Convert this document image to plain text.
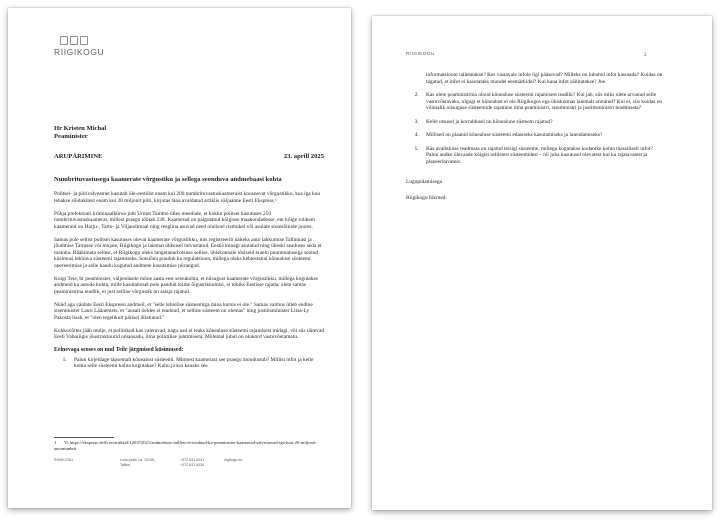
RIIGIKOGU
Hr Kristen Michal
Peaminister
ARUPÄRIMINE	23. aprill 2025
Numbrituvastusega kaamerate võrgustiku ja sellega seonduva andmebaasi kohta

Politsei- ja piirivalveamet kasutab üle-eestilist enam kui 200 numbrituvastuskaameraist koosnevat võrgustikku, kus iga kuu tehakse sõidukitest enam kui 20 miljonit pilti, kirjutas täna avaldatud artiklis väljaanne Eesti Ekspress.¹

Põhja prefektuuri kriminaalbüroo juht Urmet Tambre ütles meediale, et kokku politsei kasutuses 250 numbrituvastuskaamerat, millest praegu töötab 228. Kaamerad on paigutatud kõigisse maakondadesse, ent kõige rohkem kaameraid on Harju-, Tartu- ja Viljandimaal ning reeglina asuvad need olulistel ristmikel või asulate sissesõitude juures.

Samas pole sellist politsei kasutuses olevat kaamerate võrgustikku, mis registreerib näiteks auto lahkumise Tallinnast ja jõudmise Tartusse või mujale, Riigikogu ja laiemal üldsusel tutvustatud. Eestis kunagi arutatud ning üheski seaduses seda ei mainita. Rääkimata sellest, et Riigikogu oleks langetanud otsuse sellise, ühiskonnale tõsiseid eraelu puutumatusega seotud küsimusi tekitava süsteemi rajamiseks. Sotsiõnu puudub ka regulatsioon, millega oleks kehtestatud kõnealuse süsteemi opereerimise ja selle kaudu kogutud andmete kasutamise piirangud.

Kuigi Teie, hr peaminister, väljendasite mõne aasta eest seisukohta, et niisugust kaamerate võrgustikku, millega kogutakse andmeid ka autode kohta, mille kasutamisel pole pandud toime õigusrikkumisi, ei tohiks Eestisse rajada, olete samas peaministrina teadlik, et just selline võrgustik on salaja rajatud.

Nüüd aga väidate Eesti Ekspressi andmeil, et "selle tehnilise süsteemiga mina kursis ei ole." Samas vaimus ütleb endine siseminister Lauri Läänemets, et "ausalt öeldes ei teadnud, et selline süsteem on olemas" ning justiitsminister Liisa-Ly Pakosta lisab, et "olen tegelikult pärisel üllatunud."

Kokkuvõttes jääb mulje, et poliitikud kas valetavad, nagu nad ei teaks kõnealuse süsteemi rajamisest midagi, või siis täitevad Eesti Vabariigis jõustruktuurid omaosadu, ilma poliitilise juhtimiseta. Mõlemal juhul on olukord vastuvõetamatu.

Eelnevaga seoses on mul Teile järgmised küsimused:

1. Palun kirjeldage täpsemalt kõnealust süsteemi. Mitmest kaamerast see praegu moodustub? Millist infot ja kelle kohta selle süsteemi kohta kogutakse? Kuhu ja kui kauaks see
1 Vt https://ekspress.delfi.ee/artikkel/120372021/andmebaas-millest-ei-teadnud-ka-peaminister-kaamerad-salvestavad-iga-kuu-20-miljonit-automunbrit
RIIGIKOGU	Lossi plats 1a, 15165, Tallinn
+372 631 6331
+372 631 6334
riigikogu.ee
RIIGIKOGU	2

informatsiooni talletatakse? Kes vastavale infole ligi pääsevad? Milleks on lubatud infot kasutada? Kuidas on tagatud, et infot ei kasutataks mundel eesmärkidel? Kui kaua infot säilitatakse? Jne.

2. Kas olete peaministrina olnud kõnealuse süsteemi rajamisest teadlik? Kui jah, siis miks olete arvanud selle vastuvõetavaks, olgugi et kõnealust ei ole Riigikogus ega ühiskonnas laiemalt arutatud? Kui ei, siis kuidas on võimalik niisuguse süsteemide rajamine ilma peaministri, siseministri ja justiitsministri teadmiseta?
3. Kelle otsusel ja korraldusel on kõnealune süsteem rajatud?
4. Millised on plaanid kõnealuse süsteemi edasiseks kasutamiseks ja laiendamiseks?
5. Kas avalikkuse teadmata on rajatud teisigi süsteeme, millega kogutakse kodanike kohta massiliselt infot? Palun andke ülevaade kõigist sellistest süsteemidest – nii juba kasutusel olevatest kui ka rajatavatest ja planeeritavatest.

Lugupidamisega

Riigikogu liikmed:
